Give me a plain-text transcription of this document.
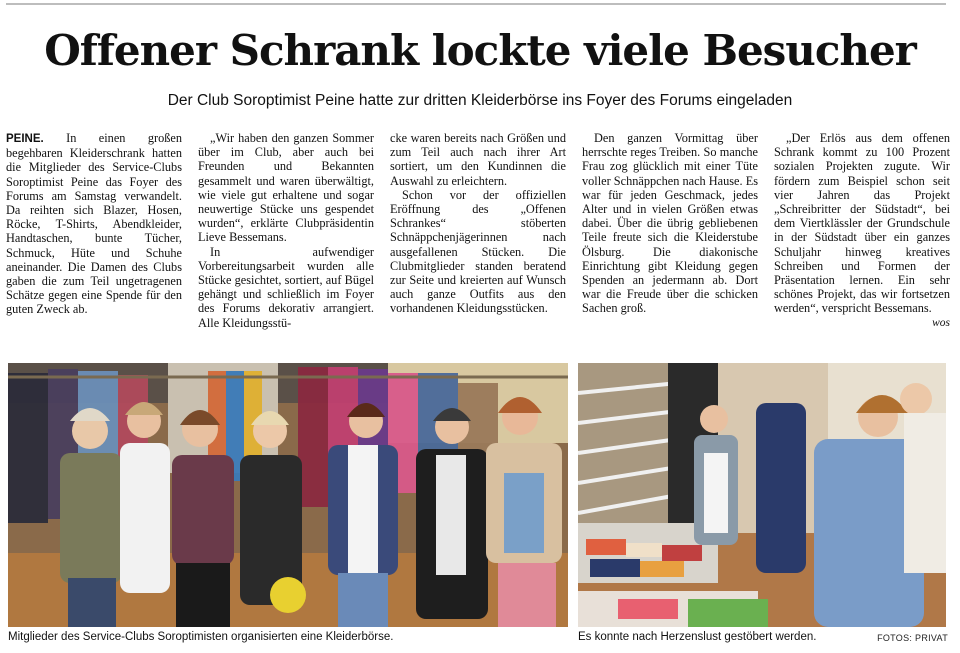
Offener Schrank lockte viele Besucher
Der Club Soroptimist Peine hatte zur dritten Kleiderbörse ins Foyer des Forums eingeladen

PEINE. In einen großen begehbaren Kleiderschrank hatten die Mitglieder des Service-Clubs Soroptimist Peine das Foyer des Forums am Samstag verwandelt. Da reihten sich Blazer, Hosen, Röcke, T-Shirts, Abendkleider, Handtaschen, bunte Tücher, Schmuck, Hüte und Schuhe aneinander. Die Damen des Clubs gaben die zum Teil ungetragenen Schätze gegen eine Spende für den guten Zweck ab.

„Wir haben den ganzen Sommer über im Club, aber auch bei Freunden und Bekannten gesammelt und waren überwältigt, wie viele gut erhaltene und sogar neuwertige Stücke uns gespendet wurden“, erklärte Clubpräsidentin Lieve Bessemans.

In aufwendiger Vorbereitungsarbeit wurden alle Stücke gesichtet, sortiert, auf Bügel gehängt und schließlich im Foyer des Forums dekorativ arrangiert. Alle Kleidungsstü-

cke waren bereits nach Größen und zum Teil auch nach ihrer Art sortiert, um den Kundinnen die Auswahl zu erleichtern.

Schon vor der offiziellen Eröffnung des „Offenen Schrankes“ stöberten Schnäppchenjägerinnen nach ausgefallenen Stücken. Die Clubmitglieder standen beratend zur Seite und kreierten auf Wunsch auch ganze Outfits aus den vorhandenen Kleidungsstücken.

Den ganzen Vormittag über herrschte reges Treiben. So manche Frau zog glücklich mit einer Tüte voller Schnäppchen nach Hause. Es war für jeden Geschmack, jedes Alter und in vielen Größen etwas dabei. Über die übrig gebliebenen Teile freute sich die Kleiderstube Ölsburg. Die diakonische Einrichtung gibt Kleidung gegen Spenden an jedermann ab. Dort war die Freude über die schicken Sachen groß.

„Der Erlös aus dem offenen Schrank kommt zu 100 Prozent sozialen Projekten zugute. Wir fördern zum Beispiel schon seit vier Jahren das Projekt „Schreibritter der Südstadt“, bei dem Viertklässler der Grundschule in der Südstadt über ein ganzes Schuljahr hinweg kreatives Schreiben und Formen der Präsentation lernen. Ein sehr schönes Projekt, das wir fortsetzen werden“, verspricht Bessemans.

wos

Mitglieder des Service-Clubs Soroptimisten organisierten eine Kleiderbörse.	Es konnte nach Herzenslust gestöbert werden.	FOTOS: PRIVAT
